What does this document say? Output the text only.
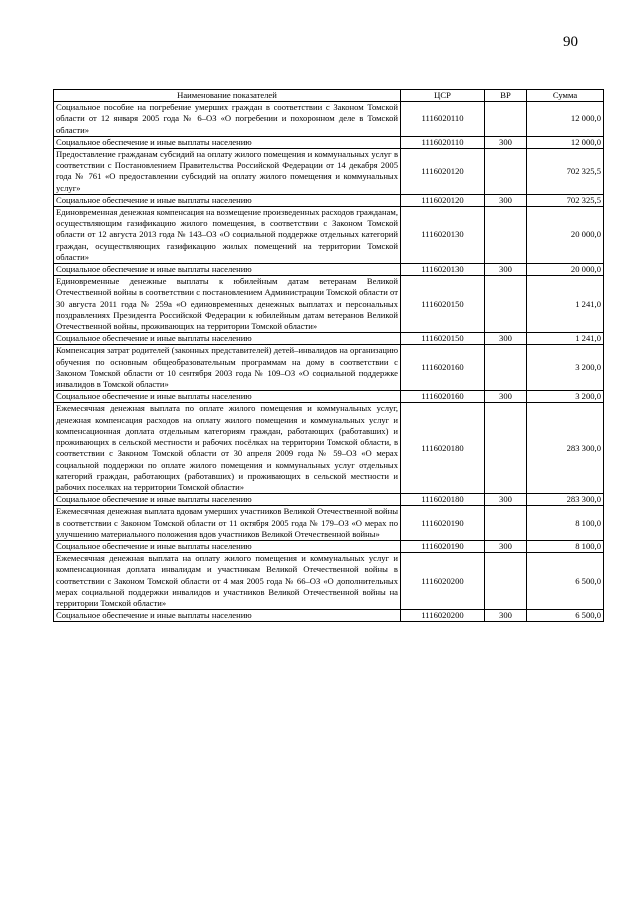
90
Наименование показателей	ЦСР	ВР	Сумма
Социальное пособие на погребение умерших граждан в соответствии с Законом Томской области от 12 января 2005 года № 6–ОЗ «О погребении и похоронном деле в Томской области»	1116020110		12 000,0
Социальное обеспечение и иные выплаты населению	1116020110	300	12 000,0
Предоставление гражданам субсидий на оплату жилого помещения и коммунальных услуг в соответствии с Постановлением Правительства Российской Федерации от 14 декабря 2005 года № 761 «О предоставлении субсидий на оплату жилого помещения и коммунальных услуг»	1116020120		702 325,5
Социальное обеспечение и иные выплаты населению	1116020120	300	702 325,5
Единовременная денежная компенсация на возмещение произведенных расходов гражданам, осуществляющим газификацию жилого помещения, в соответствии с Законом Томской области от 12 августа 2013 года № 143–ОЗ «О социальной поддержке отдельных категорий граждан, осуществляющих газификацию жилых помещений на территории Томской области»	1116020130		20 000,0
Социальное обеспечение и иные выплаты населению	1116020130	300	20 000,0
Единовременные денежные выплаты к юбилейным датам ветеранам Великой Отечественной войны в соответствии с постановлением Администрации Томской области от 30 августа 2011 года № 259а «О единовременных денежных выплатах и персональных поздравлениях Президента Российской Федерации к юбилейным датам ветеранов Великой Отечественной войны, проживающих на территории Томской области»	1116020150		1 241,0
Социальное обеспечение и иные выплаты населению	1116020150	300	1 241,0
Компенсация затрат родителей (законных представителей) детей–инвалидов на организацию обучения по основным общеобразовательным программам на дому в соответствии с Законом Томской области от 10 сентября 2003 года № 109–ОЗ «О социальной поддержке инвалидов в Томской области»	1116020160		3 200,0
Социальное обеспечение и иные выплаты населению	1116020160	300	3 200,0
Ежемесячная денежная выплата по оплате жилого помещения и коммунальных услуг, денежная компенсация расходов на оплату жилого помещения и коммунальных услуг и компенсационная доплата отдельным категориям граждан, работающих (работавших) и проживающих в сельской местности и рабочих посёлках на территории Томской области, в соответствии с Законом Томской области от 30 апреля 2009 года № 59–ОЗ «О мерах социальной поддержки по оплате жилого помещения и коммунальных услуг отдельных категорий граждан, работающих (работавших) и проживающих в сельской местности и рабочих поселках на территории Томской области»	1116020180		283 300,0
Социальное обеспечение и иные выплаты населению	1116020180	300	283 300,0
Ежемесячная денежная выплата вдовам умерших участников Великой Отечественной войны в соответствии с Законом Томской области от 11 октября 2005 года № 179–ОЗ «О мерах по улучшению материального положения вдов участников Великой Отечественной войны»	1116020190		8 100,0
Социальное обеспечение и иные выплаты населению	1116020190	300	8 100,0
Ежемесячная денежная выплата на оплату жилого помещения и коммунальных услуг и компенсационная доплата инвалидам и участникам Великой Отечественной войны в соответствии с Законом Томской области от 4 мая 2005 года № 66–ОЗ «О дополнительных мерах социальной поддержки инвалидов и участников Великой Отечественной войны на территории Томской области»	1116020200		6 500,0
Социальное обеспечение и иные выплаты населению	1116020200	300	6 500,0
